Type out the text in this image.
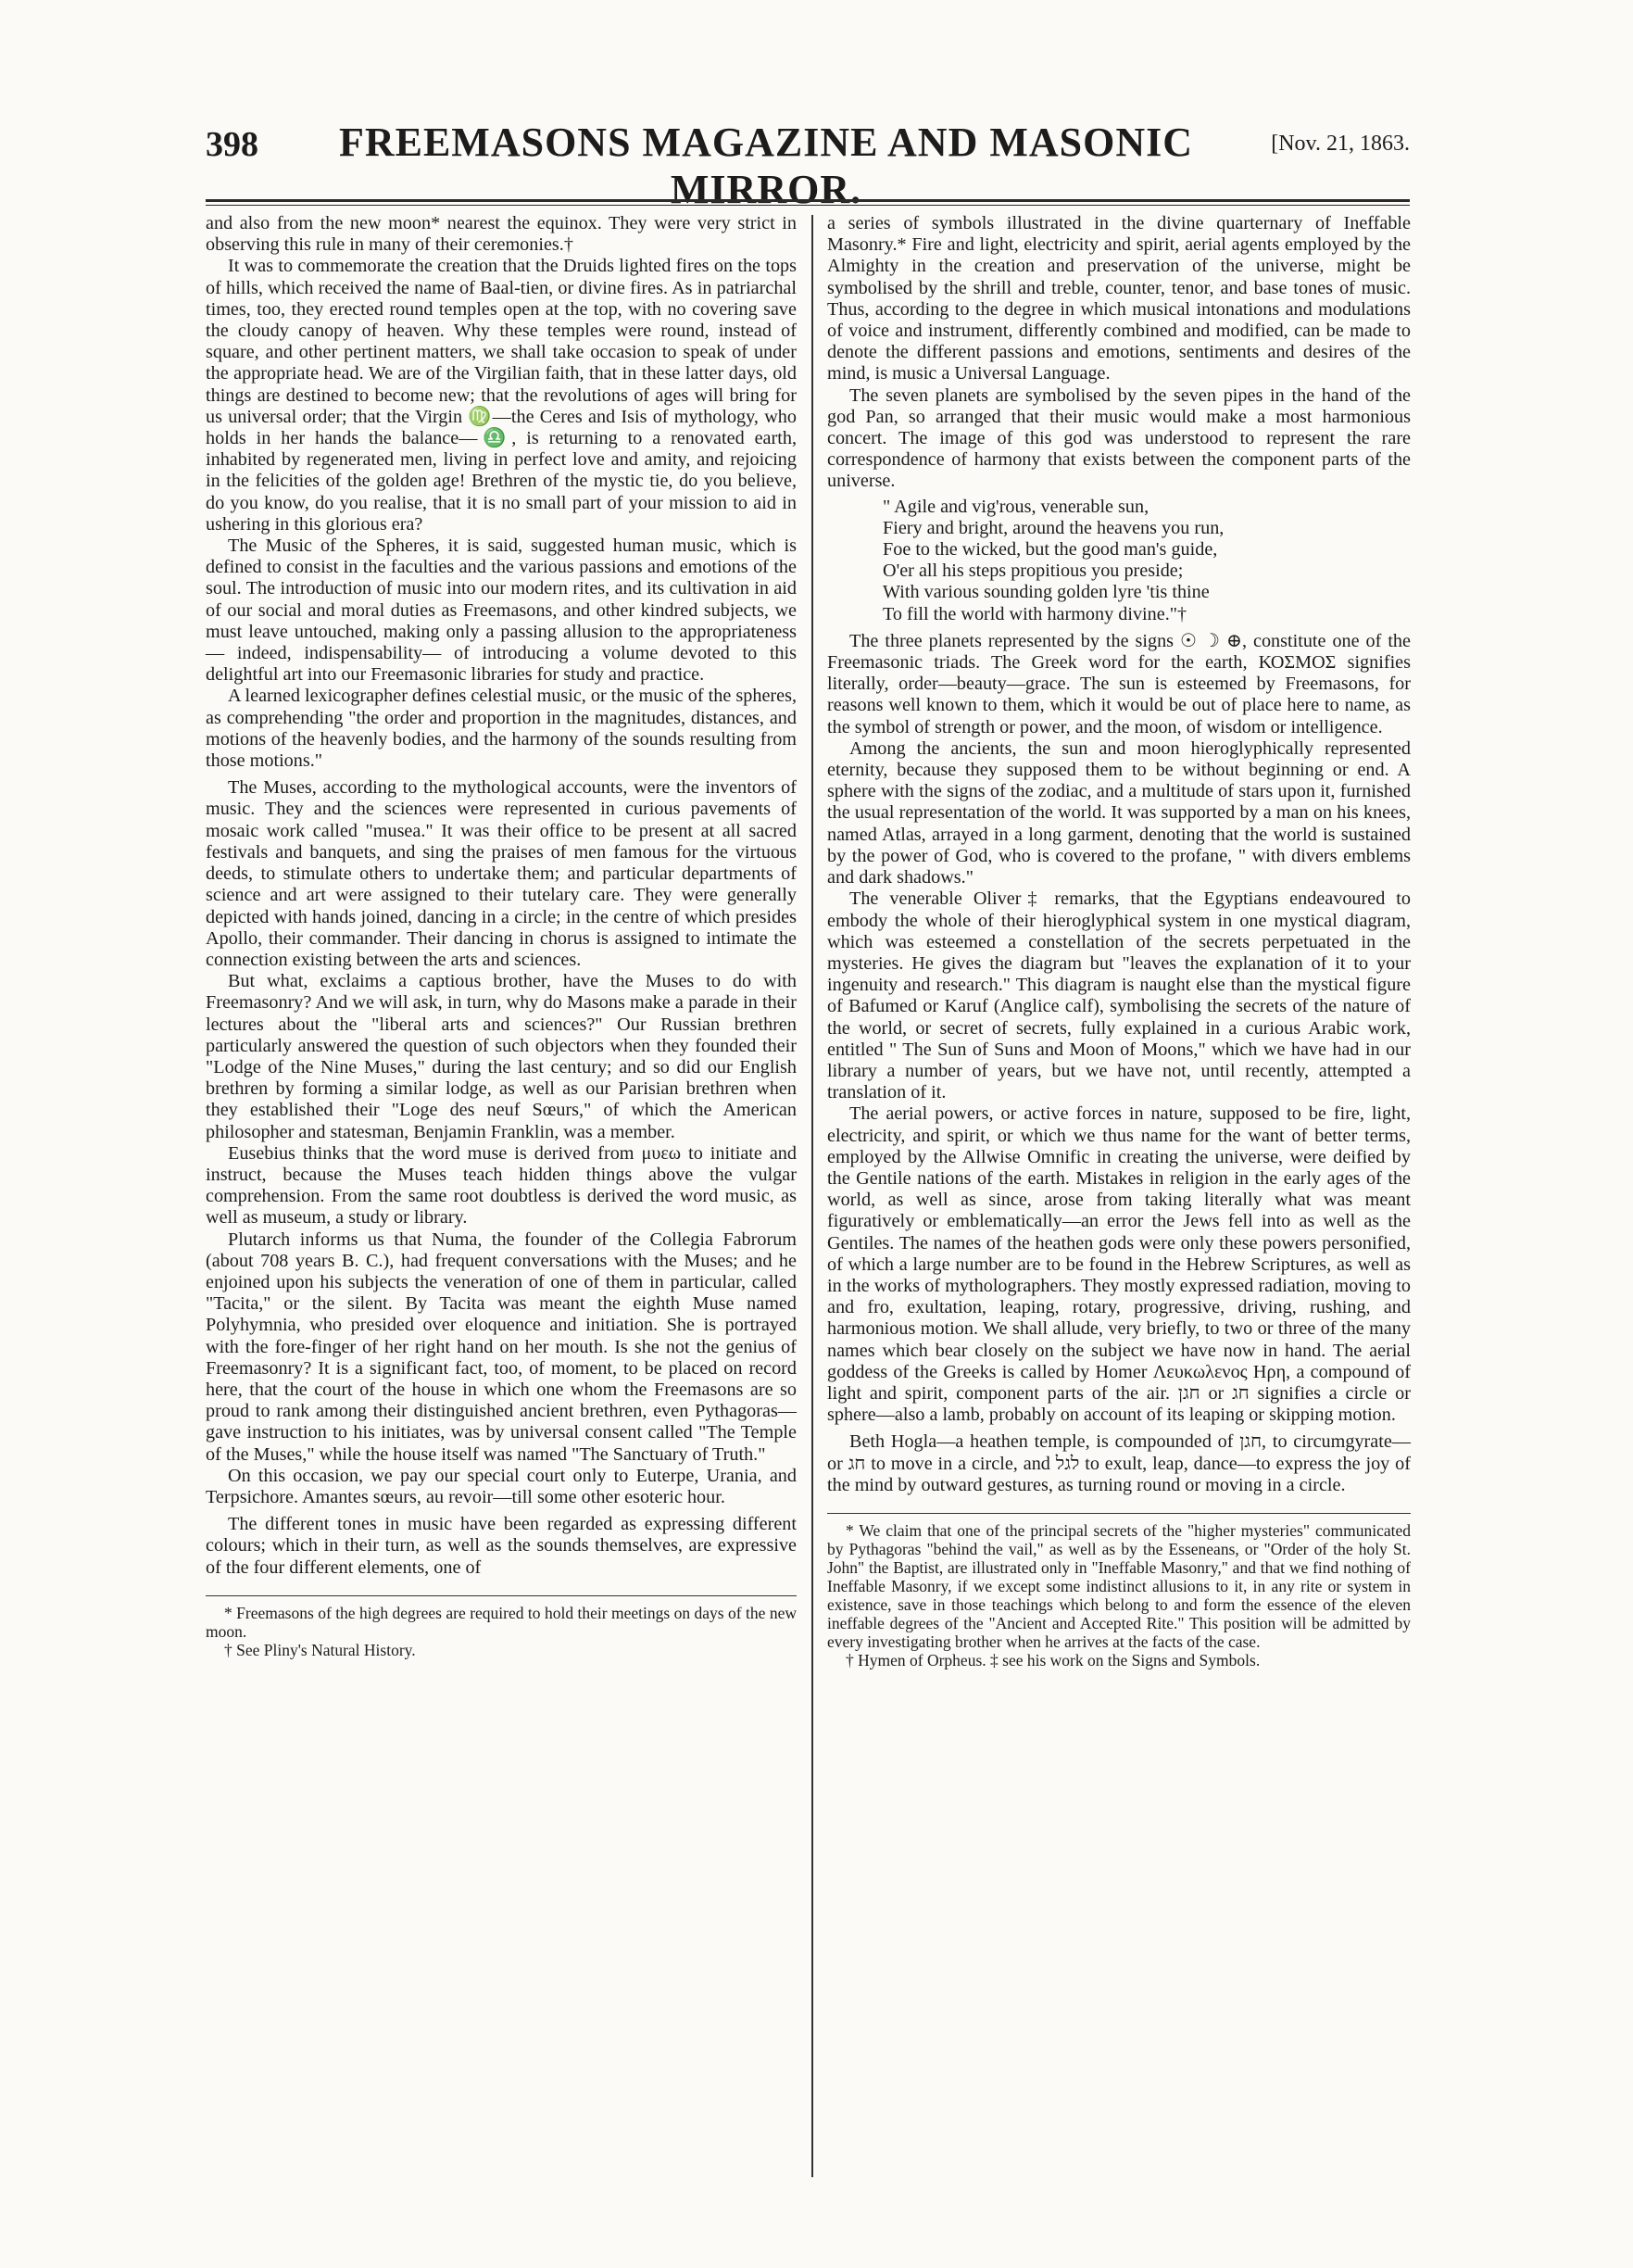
398	FREEMASONS MAGAZINE AND MASONIC MIRROR.
[Nov. 21, 1863.

and also from the new moon* nearest the equinox. They were very strict in observing this rule in many of their ceremonies.†

It was to commemorate the creation that the Druids lighted fires on the tops of hills, which received the name of Baal-tien, or divine fires. As in patriarchal times, too, they erected round temples open at the top, with no covering save the cloudy canopy of heaven. Why these temples were round, instead of square, and other pertinent matters, we shall take occasion to speak of under the appropriate head. We are of the Virgilian faith, that in these latter days, old things are destined to become new; that the revolutions of ages will bring for us universal order; that the Virgin ♍—the Ceres and Isis of mythology, who holds in her hands the balance—♎, is returning to a renovated earth, inhabited by regenerated men, living in perfect love and amity, and rejoicing in the felicities of the golden age! Brethren of the mystic tie, do you believe, do you know, do you realise, that it is no small part of your mission to aid in ushering in this glorious era?

The Music of the Spheres, it is said, suggested human music, which is defined to consist in the faculties and the various passions and emotions of the soul. The introduction of music into our modern rites, and its cultivation in aid of our social and moral duties as Freemasons, and other kindred subjects, we must leave untouched, making only a passing allusion to the appropriateness — indeed, indispensability— of introducing a volume devoted to this delightful art into our Freemasonic libraries for study and practice.

A learned lexicographer defines celestial music, or the music of the spheres, as comprehending "the order and proportion in the magnitudes, distances, and motions of the heavenly bodies, and the harmony of the sounds resulting from those motions."

The Muses, according to the mythological accounts, were the inventors of music. They and the sciences were represented in curious pavements of mosaic work called "musea." It was their office to be present at all sacred festivals and banquets, and sing the praises of men famous for the virtuous deeds, to stimulate others to undertake them; and particular departments of science and art were assigned to their tutelary care. They were generally depicted with hands joined, dancing in a circle; in the centre of which presides Apollo, their commander. Their dancing in chorus is assigned to intimate the connection existing between the arts and sciences.

But what, exclaims a captious brother, have the Muses to do with Freemasonry? And we will ask, in turn, why do Masons make a parade in their lectures about the "liberal arts and sciences?" Our Russian brethren particularly answered the question of such objectors when they founded their "Lodge of the Nine Muses," during the last century; and so did our English brethren by forming a similar lodge, as well as our Parisian brethren when they established their "Loge des neuf Sœurs," of which the American philosopher and statesman, Benjamin Franklin, was a member.

Eusebius thinks that the word muse is derived from μυεω to initiate and instruct, because the Muses teach hidden things above the vulgar comprehension. From the same root doubtless is derived the word music, as well as museum, a study or library.

Plutarch informs us that Numa, the founder of the Collegia Fabrorum (about 708 years B. C.), had frequent conversations with the Muses; and he enjoined upon his subjects the veneration of one of them in particular, called "Tacita," or the silent. By Tacita was meant the eighth Muse named Polyhymnia, who presided over eloquence and initiation. She is portrayed with the fore-finger of her right hand on her mouth. Is she not the genius of Freemasonry? It is a significant fact, too, of moment, to be placed on record here, that the court of the house in which one whom the Freemasons are so proud to rank among their distinguished ancient brethren, even Pythagoras—gave instruction to his initiates, was by universal consent called "The Temple of the Muses," while the house itself was named "The Sanctuary of Truth."

On this occasion, we pay our special court only to Euterpe, Urania, and Terpsichore. Amantes sœurs, au revoir—till some other esoteric hour.

The different tones in music have been regarded as expressing different colours; which in their turn, as well as the sounds themselves, are expressive of the four different elements, one of

* Freemasons of the high degrees are required to hold their meetings on days of the new moon.

† See Pliny's Natural History.

a series of symbols illustrated in the divine quarternary of Ineffable Masonry.* Fire and light, electricity and spirit, aerial agents employed by the Almighty in the creation and preservation of the universe, might be symbolised by the shrill and treble, counter, tenor, and base tones of music. Thus, according to the degree in which musical intonations and modulations of voice and instrument, differently combined and modified, can be made to denote the different passions and emotions, sentiments and desires of the mind, is music a Universal Language.

The seven planets are symbolised by the seven pipes in the hand of the god Pan, so arranged that their music would make a most harmonious concert. The image of this god was understood to represent the rare correspondence of harmony that exists between the component parts of the universe.

" Agile and vig'rous, venerable sun,
Fiery and bright, around the heavens you run,
Foe to the wicked, but the good man's guide,
O'er all his steps propitious you preside;
With various sounding golden lyre 'tis thine
To fill the world with harmony divine."†

The three planets represented by the signs ☉ ☽ ⊕, constitute one of the Freemasonic triads. The Greek word for the earth, ΚΟΣΜΟΣ signifies literally, order—beauty—grace. The sun is esteemed by Freemasons, for reasons well known to them, which it would be out of place here to name, as the symbol of strength or power, and the moon, of wisdom or intelligence.

Among the ancients, the sun and moon hieroglyphically represented eternity, because they supposed them to be without beginning or end. A sphere with the signs of the zodiac, and a multitude of stars upon it, furnished the usual representation of the world. It was supported by a man on his knees, named Atlas, arrayed in a long garment, denoting that the world is sustained by the power of God, who is covered to the profane, " with divers emblems and dark shadows."

The venerable Oliver‡ remarks, that the Egyptians endeavoured to embody the whole of their hieroglyphical system in one mystical diagram, which was esteemed a constellation of the secrets perpetuated in the mysteries. He gives the diagram but "leaves the explanation of it to your ingenuity and research." This diagram is naught else than the mystical figure of Bafumed or Karuf (Anglice calf), symbolising the secrets of the nature of the world, or secret of secrets, fully explained in a curious Arabic work, entitled " The Sun of Suns and Moon of Moons," which we have had in our library a number of years, but we have not, until recently, attempted a translation of it.

The aerial powers, or active forces in nature, supposed to be fire, light, electricity, and spirit, or which we thus name for the want of better terms, employed by the Allwise Omnific in creating the universe, were deified by the Gentile nations of the earth. Mistakes in religion in the early ages of the world, as well as since, arose from taking literally what was meant figuratively or emblematically—an error the Jews fell into as well as the Gentiles. The names of the heathen gods were only these powers personified, of which a large number are to be found in the Hebrew Scriptures, as well as in the works of mytholographers. They mostly expressed radiation, moving to and fro, exultation, leaping, rotary, progressive, driving, rushing, and harmonious motion. We shall allude, very briefly, to two or three of the many names which bear closely on the subject we have now in hand. The aerial goddess of the Greeks is called by Homer Λευκωλενος Ηρη, a compound of light and spirit, component parts of the air. חגן or חג signifies a circle or sphere—also a lamb, probably on account of its leaping or skipping motion.

Beth Hogla—a heathen temple, is compounded of חגן, to circumgyrate—or חג to move in a circle, and לגל to exult, leap, dance—to express the joy of the mind by outward gestures, as turning round or moving in a circle.

* We claim that one of the principal secrets of the "higher mysteries" communicated by Pythagoras "behind the vail," as well as by the Esseneans, or "Order of the holy St. John" the Baptist, are illustrated only in "Ineffable Masonry," and that we find nothing of Ineffable Masonry, if we except some indistinct allusions to it, in any rite or system in existence, save in those teachings which belong to and form the essence of the eleven ineffable degrees of the "Ancient and Accepted Rite." This position will be admitted by every investigating brother when he arrives at the facts of the case.

† Hymen of Orpheus. ‡ see his work on the Signs and Symbols.
